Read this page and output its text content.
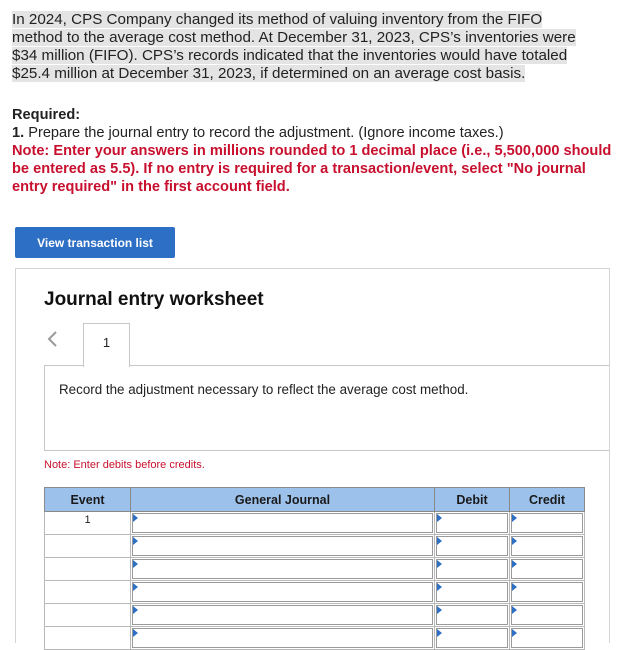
In 2024, CPS Company changed its method of valuing inventory from the FIFO method to the average cost method. At December 31, 2023, CPS’s inventories were $34 million (FIFO). CPS’s records indicated that the inventories would have totaled $25.4 million at December 31, 2023, if determined on an average cost basis.
Required:
1. Prepare the journal entry to record the adjustment. (Ignore income taxes.)
Note: Enter your answers in millions rounded to 1 decimal place (i.e., 5,500,000 should be entered as 5.5). If no entry is required for a transaction/event, select "No journal entry required" in the first account field.
View transaction list
Journal entry worksheet
1
Record the adjustment necessary to reflect the average cost method.
Note: Enter debits before credits.
Event	General Journal	Debit	Credit
1	
